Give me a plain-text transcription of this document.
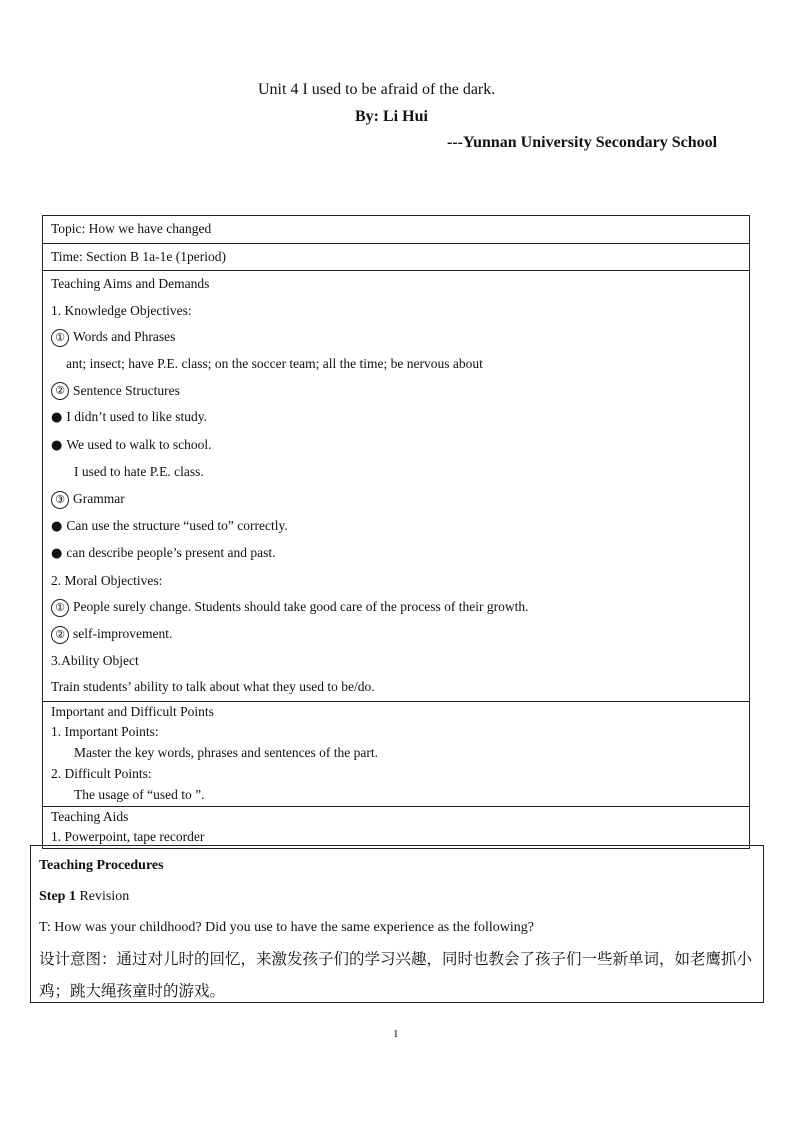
Unit 4 I used to be afraid of the dark.
By: Li Hui
---Yunnan University Secondary School
Topic: How we have changed
Time: Section B 1a-1e (1period)
Teaching Aims and Demands
1. Knowledge Objectives:
① Words and Phrases
ant; insect; have P.E. class; on the soccer team; all the time; be nervous about
② Sentence Structures
● I didn’t used to like study.
● We used to walk to school.
I used to hate P.E. class.
③ Grammar
● Can use the structure “used to” correctly.
● can describe people’s present and past.
2. Moral Objectives:
① People surely change. Students should take good care of the process of their growth.
② self-improvement.
3.Ability Object
Train students’ ability to talk about what they used to be/do.
Important and Difficult Points
1. Important Points:
Master the key words, phrases and sentences of the part.
2. Difficult Points:
The usage of “used to ”.
Teaching Aids
1. Powerpoint, tape recorder
Teaching Procedures
Step 1 Revision
T: How was your childhood? Did you use to have the same experience as the following?
设计意图：通过对儿时的回忆，来激发孩子们的学习兴趣，同时也教会了孩子们一些新单词，如老鹰抓小鸡；跳大绳孩童时的游戏。
1
